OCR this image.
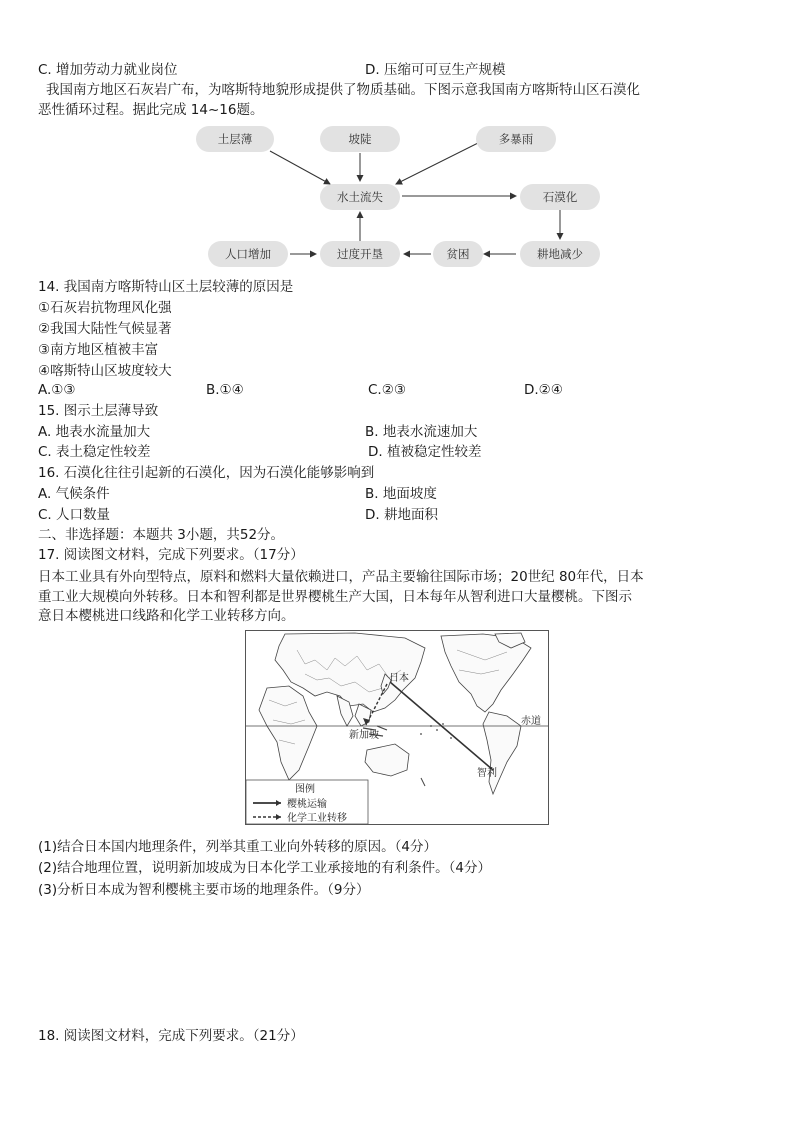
C. 增加劳动力就业岗位	D. 压缩可可豆生产规模
我国南方地区石灰岩广布，为喀斯特地貌形成提供了物质基础。下图示意我国南方喀斯特山区石漠化
恶性循环过程。据此完成 14~16题。
土层薄	坡陡	多暴雨
水土流失	石漠化
人口增加	过度开垦	贫困	耕地减少
14. 我国南方喀斯特山区土层较薄的原因是
①石灰岩抗物理风化强
②我国大陆性气候显著
③南方地区植被丰富
④喀斯特山区坡度较大
A.①③	B.①④	C.②③	D.②④
15. 图示土层薄导致
A. 地表水流量加大	B. 地表水流速加大
C. 表土稳定性较差	D. 植被稳定性较差
16. 石漠化往往引起新的石漠化，因为石漠化能够影响到
A. 气候条件	B. 地面坡度
C. 人口数量	D. 耕地面积
二、非选择题：本题共 3小题，共52分。
17. 阅读图文材料，完成下列要求。（17分）
日本工业具有外向型特点，原料和燃料大量依赖进口，产品主要输往国际市场；20世纪 80年代，日本
重工业大规模向外转移。日本和智利都是世界樱桃生产大国，日本每年从智利进口大量樱桃。下图示
意日本樱桃进口线路和化学工业转移方向。
日本
赤道
新加坡
智利
图例
樱桃运输
化学工业转移
(1)结合日本国内地理条件，列举其重工业向外转移的原因。（4分）
(2)结合地理位置，说明新加坡成为日本化学工业承接地的有利条件。（4分）
(3)分析日本成为智利樱桃主要市场的地理条件。（9分）
18. 阅读图文材料，完成下列要求。（21分）
